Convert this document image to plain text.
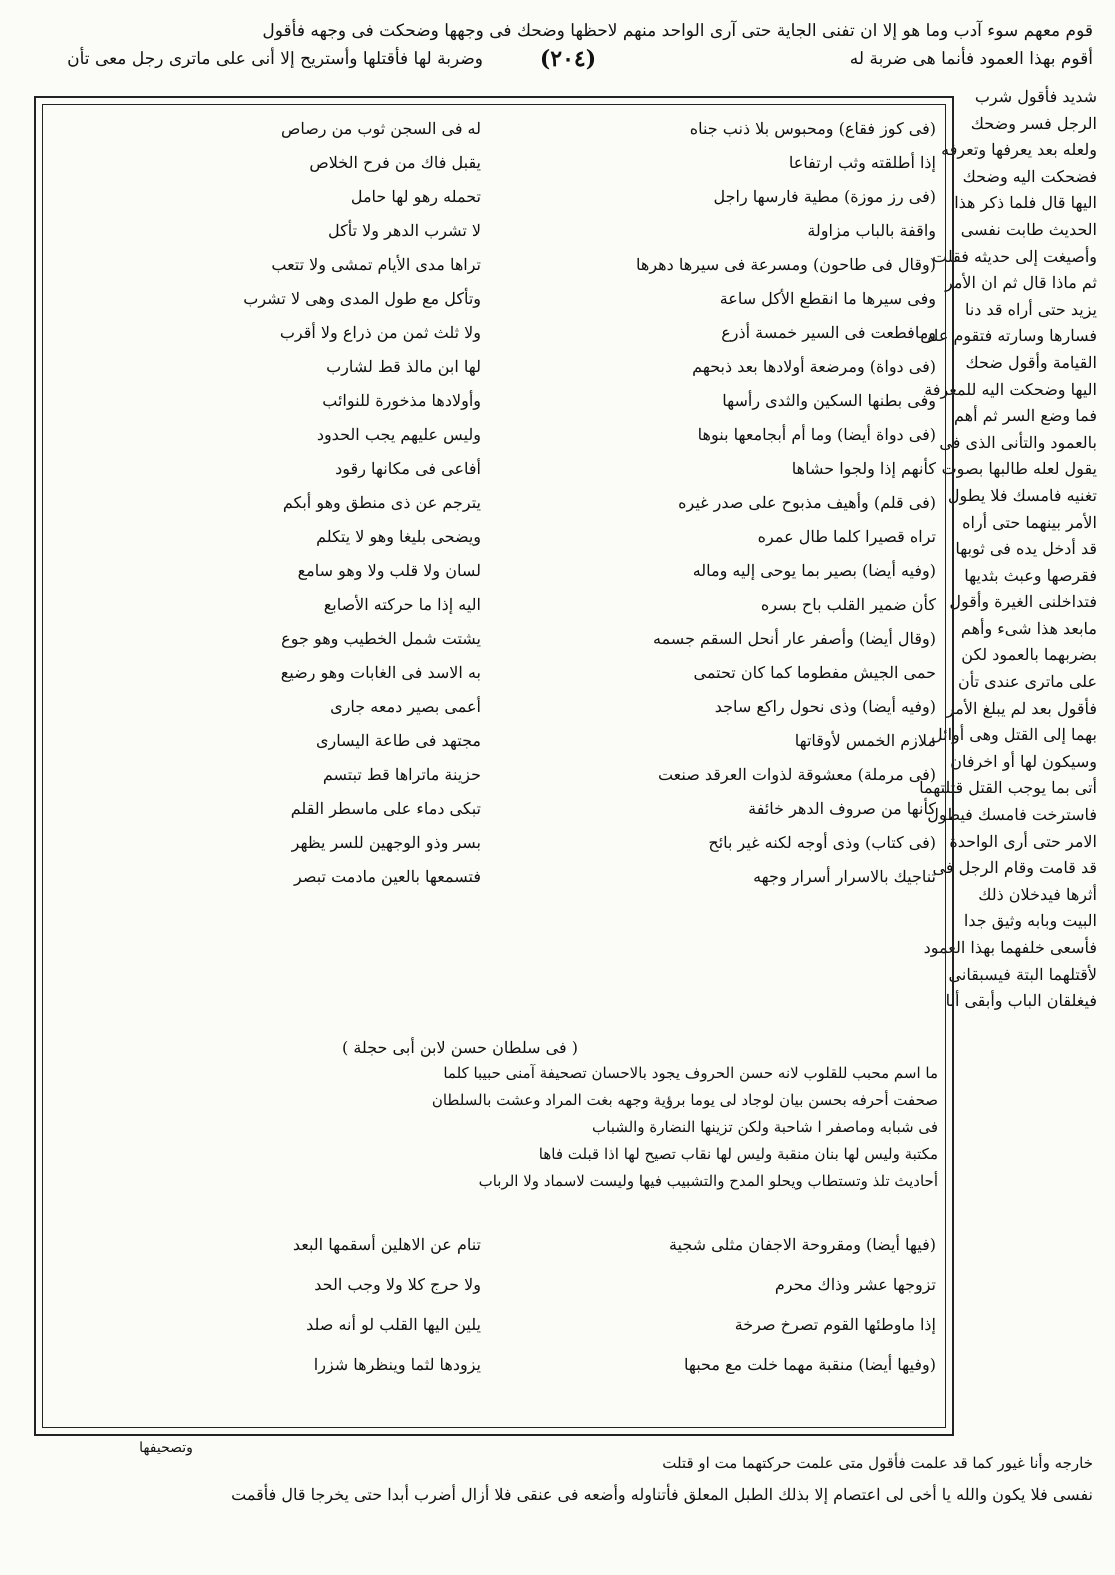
قوم معهم سوء آدب وما هو إلا ان تفنى الجاية حتى آرى الواحد منهم لاحظها وضحك فى وجهها وضحكت فى وجهه فأقول
أقوم بهذا العمود فأنما هى ضربة له
(٢٠٤)
وضربة لها فأقتلها وأستريح إلا أنى على ماترى رجل معى تأن
شديد فأقول شرب
الرجل فسر وضحك
ولعله بعد يعرفها وتعرفه
فضحكت اليه وضحك
اليها قال فلما ذكر هذا
الحديث طابت نفسى
وأصيغت إلى حديثه فقلت
ثم ماذا قال ثم ان الأمر
يزيد حتى أراه قد دنا
فسارها وسارته فتقوم على
القيامة وأقول ضحك
اليها وضحكت اليه للمعرفة
فما وضع السر ثم أهم
بالعمود والتأنى الذى فى
يقول لعله طالبها بصوت
تغنيه فامسك فلا يطول
الأمر بينهما حتى أراه
قد أدخل يده فى ثوبها
فقرصها وعبث بثديها
فتداخلنى الغيرة وأقول
مابعد هذا شىء وأهم
بضربهما بالعمود لكن
على ماترى عندى تأن
فأقول بعد لم يبلغ الأمر
بهما إلى القتل وهى أوائل
وسيكون لها أو اخرفان
أتى بما يوجب القتل قتلتهما
فاسترخت فامسك فيطول
الامر حتى أرى الواحدة
قد قامت وقام الرجل فى
أثرها فيدخلان ذلك
البيت وبابه وثيق جدا
فأسعى خلفهما بهذا العمود
لأقتلهما البتة فيسبقانى
فيغلقان الباب وأبقى أنا
(فى كوز فقاع) ومحبوس بلا ذنب جناه
له فى السجن ثوب من رصاص
إذا أطلقته وثب ارتفاعا
يقبل فاك من فرح الخلاص
(فى رز موزة) مطية فارسها راجل
تحمله رهو لها حامل
واقفة بالباب مزاولة
لا تشرب الدهر ولا تأكل
(وقال فى طاحون) ومسرعة فى سيرها دهرها
تراها مدى الأيام تمشى ولا تتعب
وفى سيرها ما انقطع الأكل ساعة
وتأكل مع طول المدى وهى لا تشرب
ومافطعت فى السير خمسة أذرع
ولا ثلث ثمن من ذراع ولا أقرب
(فى دواة) ومرضعة أولادها بعد ذبحهم
لها ابن مالذ قط لشارب
وفى بطنها السكين والثدى رأسها
وأولادها مذخورة للنوائب
(فى دواة أيضا) وما أم أبجامعها بنوها
وليس عليهم يجب الحدود
كأنهم إذا ولجوا حشاها
أفاعى فى مكانها رقود
(فى قلم) وأهيف مذبوح على صدر غيره
يترجم عن ذى منطق وهو أبكم
تراه قصيرا كلما طال عمره
ويضحى بليغا وهو لا يتكلم
(وفيه أيضا) بصير بما يوحى إليه وماله
لسان ولا قلب ولا وهو سامع
كأن ضمير القلب باح بسره
اليه إذا ما حركته الأصابع
(وقال أيضا) وأصفر عار أنحل السقم جسمه
يشتت شمل الخطيب وهو جوع
حمى الجيش مفطوما كما كان تحتمى
به الاسد فى الغابات وهو رضيع
(وفيه أيضا) وذى نحول راكع ساجد
أعمى بصير دمعه جارى
ملازم الخمس لأوقاتها
مجتهد فى طاعة اليسارى
(فى مرملة) معشوقة لذوات العرقد صنعت
حزينة ماتراها قط تبتسم
كأنها من صروف الدهر خائفة
تبكى دماء على ماسطر القلم
(فى كتاب) وذى أوجه لكنه غير بائح
بسر وذو الوجهين للسر يظهر
تناجيك بالاسرار أسرار وجهه
فتسمعها بالعين مادمت تبصر
( فى سلطان حسن لابن أبى حجلة )
ما اسم محبب للقلوب لانه حسن الحروف يجود بالاحسان تصحيفة آمنى حبيبا كلما
صحفت أحرفه بحسن بيان لوجاد لى يوما برؤية وجهه بغت المراد وعشت بالسلطان
فى شبابه وماصفر ا شاحبة ولكن تزينها النضارة والشباب
مكتبة وليس لها بنان منقبة وليس لها نقاب تصيح لها اذا قبلت فاها
أحاديث تلذ وتستطاب ويحلو المدح والتشبيب فيها وليست لاسماد ولا الرباب
(فيها أيضا) ومقروحة الاجفان مثلى شجية
تنام عن الاهلين أسقمها البعد
تزوجها عشر وذاك محرم
ولا حرج كلا ولا وجب الحد
إذا ماوطئها القوم تصرخ صرخة
يلين اليها القلب لو أنه صلد
(وفيها أيضا) منقبة مهما خلت مع محبها
يزودها لثما وينظرها شزرا
خارجه وأنا غيور كما قد علمت فأقول متى علمت حركتهما مت او قتلت
وتصحيفها
نفسى فلا يكون والله يا أخى لى اعتصام إلا بذلك الطبل المعلق فأتناوله وأضعه فى عنقى فلا أزال أضرب أبدا حتى يخرجا قال فأقمت
